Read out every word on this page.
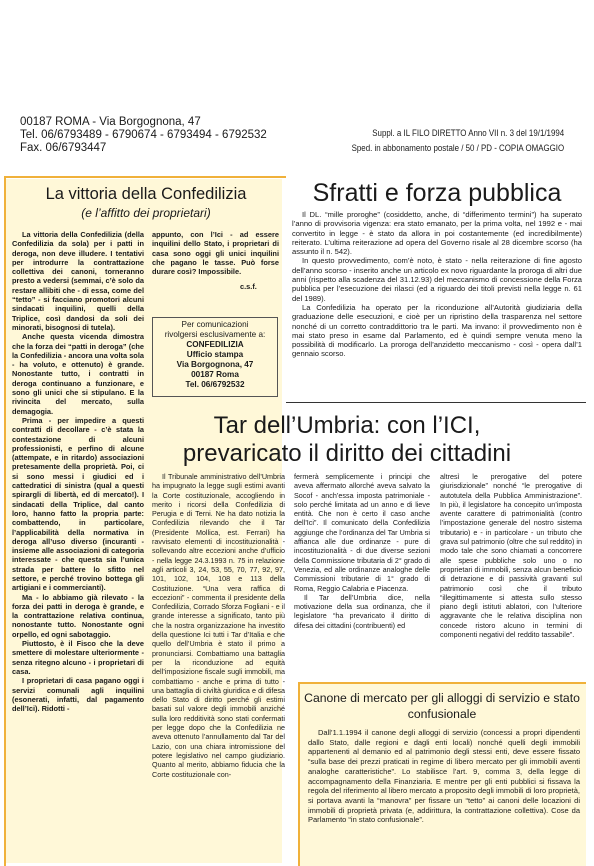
00187 ROMA - Via Borgognona, 47
Tel. 06/6793489 - 6790674 - 6793494 - 6792532
Fax. 06/6793447
Suppl. a IL FILO DIRETTO Anno VII n. 3 del 19/1/1994
Sped. in abbonamento postale / 50 / PD - COPIA OMAGGIO
La vittoria della Confedilizia
(e l’affitto dei proprietari)

La vittoria della Confedilizia (della Confedilizia da sola) per i patti in deroga, non deve illudere. I tentativi per introdurre la contrattazione collettiva dei canoni, torneranno presto a vedersi (semmai, c’è solo da restare allibiti che - di essa, come del “tetto” - si facciano promotori alcuni sindacati inquilini, quelli della Triplice, così dandosi da soli dei minorati, bisognosi di tutela).

Anche questa vicenda dimostra che la forza dei “patti in deroga” (che la Confedilizia - ancora una volta sola - ha voluto, e ottenuto) è grande. Nonostante tutto, i contratti in deroga continuano a funzionare, e sono gli unici che si stipulano. E la rivincita del mercato, sulla demagogia.

Prima - per impedire a questi contratti di decollare - c’è stata la contestazione di alcuni professionisti, e perfino di alcune (attempate, e in ritardo) associazioni pretesamente della proprietà. Poi, ci si sono messi i giudici ed i cattedratici di sinistra (qual a questi spirargli di libertà, ed di mercato!). I sindacati della Triplice, dal canto loro, hanno fatto la propria parte: combattendo, in particolare, l’applicabilità della normativa in deroga all’uso diverso (incuranti - insieme alle associazioni di categoria interessate - che questa sia l’unica strada per battere lo sfitto nel settore, e perché trovino bottega gli artigiani e i commercianti).

Ma - lo abbiamo già rilevato - la forza dei patti in deroga è grande, e la contrattazione relativa continua, nonostante tutto. Nonostante ogni orpello, ed ogni sabotaggio.

Piuttosto, è il Fisco che la deve smettere di molestare ulteriormente - senza ritegno alcuno - i proprietari di casa.

I proprietari di casa pagano oggi i servizi comunali agli inquilini (esonerati, infatti, dal pagamento dell’Ici). Ridotti -

appunto, con l’Ici - ad essere inquilini dello Stato, i proprietari di casa sono oggi gli unici inquilini che pagano le tasse. Può forse durare così? Impossibile.

c.s.f.
Per comunicazioni
rivolgersi esclusivamente a:
CONFEDILIZIA
Ufficio stampa
Via Borgognona, 47
00187 Roma
Tel. 06/6792532
Sfratti e forza pubblica

Il DL. “mille proroghe” (cosiddetto, anche, di “differimento termini”) ha superato l’anno di provvisoria vigenza: era stato emanato, per la prima volta, nel 1992 e - mai convertito in legge - è stato da allora in poi costantemente (ed incredibilmente) reiterato. L’ultima reiterazione ad opera del Governo risale al 28 dicembre scorso (ha assunto il n. 542).

In questo provvedimento, com’è noto, è stato - nella reiterazione di fine agosto dell’anno scorso - inserito anche un articolo ex novo riguardante la proroga di altri due anni (rispetto alla scadenza del 31.12.93) del meccanismo di concessione della Forza pubblica per l’esecuzione dei rilasci (ed a riguardo dei titoli previsti nella legge n. 61 del 1989).

La Confedilizia ha operato per la riconduzione all’Autorità giudiziaria della graduazione delle esecuzioni, e cioè per un ripristino della trasparenza nel settore nonché di un corretto contraddittorio tra le parti. Ma invano: il provvedimento non è mai stato preso in esame dal Parlamento, ed è quindi sempre venuta meno la possibilità di modificarlo. La proroga dell’anzidetto meccanismo - così - opera dall’1 gennaio scorso.

Tar dell’Umbria: con l’ICI,
prevaricato il diritto dei cittadini

Il Tribunale amministrativo dell’Umbria ha impugnato la legge sugli estimi avanti la Corte costituzionale, accogliendo in merito i ricorsi della Confedilizia di Perugia e di Terni. Ne ha dato notizia la Confedilizia rilevando che il Tar (Presidente Mollica, est. Ferrari) ha ravvisato elementi di incostituzionalità - sollevando altre eccezioni anche d’ufficio - nella legge 24.3.1993 n. 75 in relazione agli articoli 3, 24, 53, 55, 70, 77, 92, 97, 101, 102, 104, 108 e 113 della Costituzione. “Una vera raffica di eccezioni” - commenta il presidente della Confedilizia, Corrado Sforza Fogliani - e il grande interesse a significato, tanto più che la nostra organizzazione ha investito della questione Ici tutti i Tar d’Italia e che quello dell’Umbria è stato il primo a pronunciarsi. Combattiamo una battaglia per la riconduzione ad equità dell’imposizione fiscale sugli immobili, ma combattiamo - anche e prima di tutto - una battaglia di civiltà giuridica e di difesa dello Stato di diritto perché gli estimi basati sul valore degli immobili anziché sulla loro redditività sono stati confermati per legge dopo che la Confedilizia ne aveva ottenuto l’annullamento dal Tar del Lazio, con una chiara intromissione del potere legislativo nel campo giudiziario. Quanto al merito, abbiamo fiducia che la Corte costituzionale con-

fermerà semplicemente i principi che aveva affermato allorché aveva salvato la Socof - anch’essa imposta patrimoniale - solo perché limitata ad un anno e di lieve entità. Che non è certo il caso anche dell’Ici”. Il comunicato della Confedilizia aggiunge che l’ordinanza del Tar Umbria si affianca alle due ordinanze - pure di incostituzionalità - di due diverse sezioni della Commissione tributaria di 2° grado di Venezia, ed alle ordinanze analoghe delle Commissioni tributarie di 1° grado di Roma, Reggio Calabria e Piacenza.

Il Tar dell’Umbria dice, nella motivazione della sua ordinanza, che il legislatore “ha prevaricato il diritto di difesa dei cittadini (contribuenti) ed

altresì le prerogative del potere giurisdizionale” nonché “le prerogative di autotutela della Pubblica Amministrazione”. In più, il legislatore ha concepito un’imposta avente carattere di patrimonialità (contro l’impostazione generale del nostro sistema tributario) e - in particolare - un tributo che grava sul patrimonio (oltre che sul reddito) in modo tale che sono chiamati a concorrere alle spese pubbliche solo uno o no proprietari di immobili, senza alcun beneficio di detrazione e di passività gravanti sul patrimonio così che il tributo “illegittimamente si attesta sullo stesso piano degli istituti ablatori, con l’ulteriore aggravante che le relativa disciplina non concede ristoro alcuno in termini di componenti negativi del reddito tassabile”.

Canone di mercato per gli alloggi di servizio e stato confusionale

Dall’1.1.1994 il canone degli alloggi di servizio (concessi a propri dipendenti dallo Stato, dalle regioni e dagli enti locali) nonché quelli degli immobili appartenenti al demanio ed al patrimonio degli stessi enti, deve essere fissato “sulla base dei prezzi praticati in regime di libero mercato per gli immobili aventi analoghe caratteristiche”. Lo stabilisce l’art. 9, comma 3, della legge di accompagnamento della Finanziaria. E mentre per gli enti pubblici si fissava la regola del riferimento al libero mercato a proposito degli immobili di loro proprietà, si portava avanti la “manovra” per fissare un “tetto” ai canoni delle locazioni di immobili di proprietà privata (e, addirittura, la contrattazione collettiva). Cose da Parlamento “in stato confusionale”.
